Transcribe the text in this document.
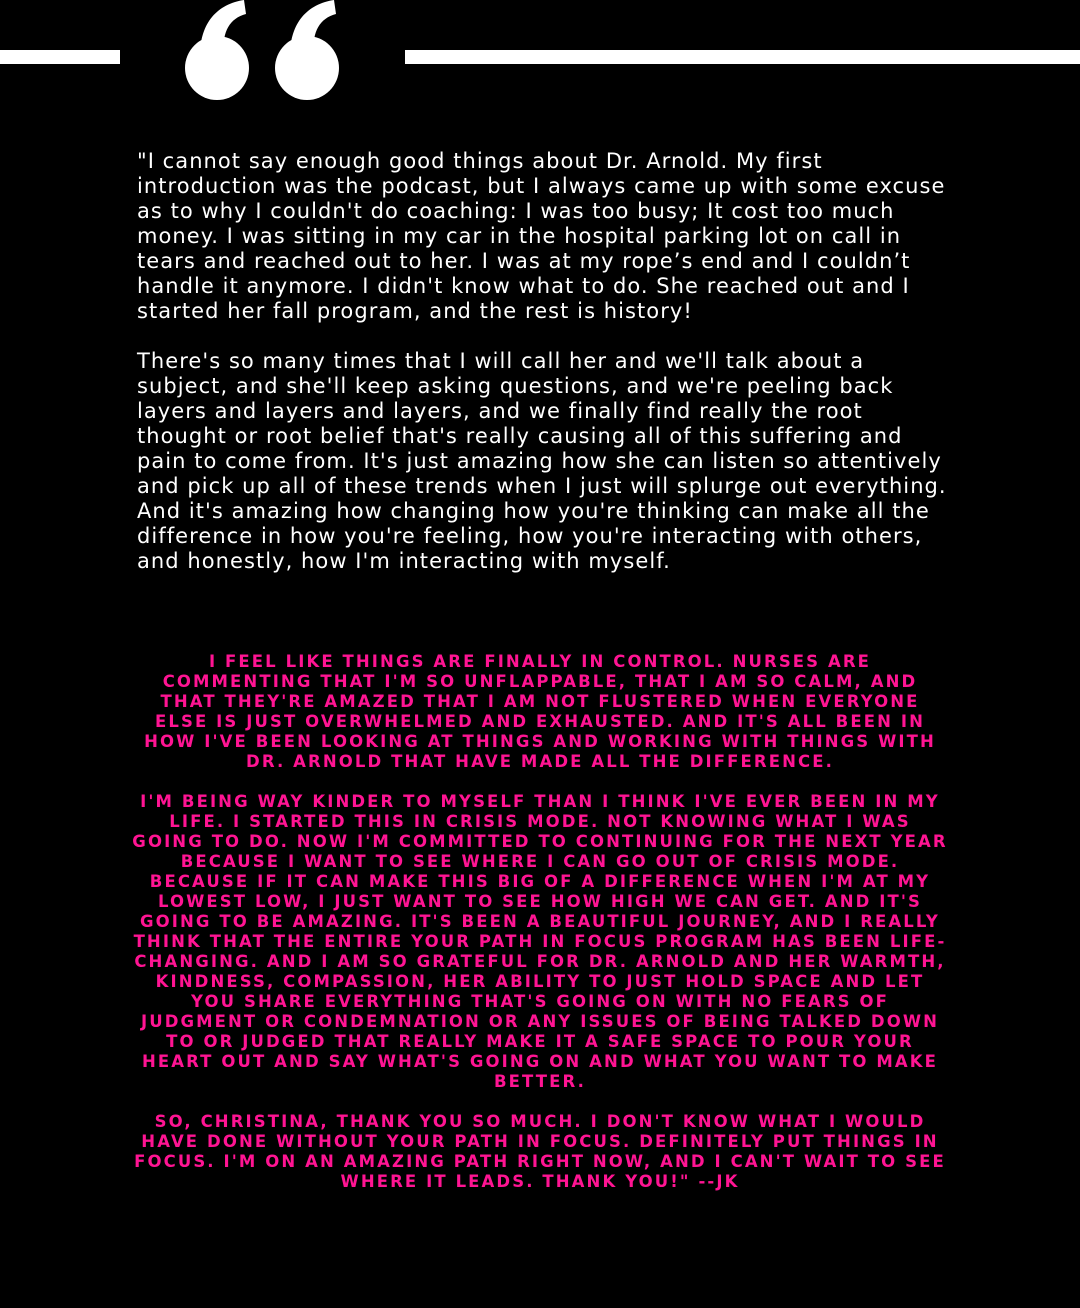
"I cannot say enough good things about Dr. Arnold. My first introduction was the podcast, but I always came up with some excuse as to why I couldn't do coaching: I was too busy; It cost too much money. I was sitting in my car in the hospital parking lot on call in tears and reached out to her. I was at my rope’s end and I couldn’t handle it anymore. I didn't know what to do. She reached out and I started her fall program, and the rest is history!

There's so many times that I will call her and we'll talk about a subject, and she'll keep asking questions, and we're peeling back layers and layers and layers, and we finally find really the root thought or root belief that's really causing all of this suffering and pain to come from. It's just amazing how she can listen so attentively and pick up all of these trends when I just will splurge out everything. And it's amazing how changing how you're thinking can make all the difference in how you're feeling, how you're interacting with others, and honestly, how I'm interacting with myself.

I FEEL LIKE THINGS ARE FINALLY IN CONTROL. NURSES ARE COMMENTING THAT I'M SO UNFLAPPABLE, THAT I AM SO CALM, AND THAT THEY'RE AMAZED THAT I AM NOT FLUSTERED WHEN EVERYONE ELSE IS JUST OVERWHELMED AND EXHAUSTED. AND IT'S ALL BEEN IN HOW I'VE BEEN LOOKING AT THINGS AND WORKING WITH THINGS WITH DR. ARNOLD THAT HAVE MADE ALL THE DIFFERENCE.

I'M BEING WAY KINDER TO MYSELF THAN I THINK I'VE EVER BEEN IN MY LIFE. I STARTED THIS IN CRISIS MODE. NOT KNOWING WHAT I WAS GOING TO DO. NOW I'M COMMITTED TO CONTINUING FOR THE NEXT YEAR BECAUSE I WANT TO SEE WHERE I CAN GO OUT OF CRISIS MODE. BECAUSE IF IT CAN MAKE THIS BIG OF A DIFFERENCE WHEN I'M AT MY LOWEST LOW, I JUST WANT TO SEE HOW HIGH WE CAN GET. AND IT'S GOING TO BE AMAZING. IT'S BEEN A BEAUTIFUL JOURNEY, AND I REALLY THINK THAT THE ENTIRE YOUR PATH IN FOCUS PROGRAM HAS BEEN LIFE-CHANGING. AND I AM SO GRATEFUL FOR DR. ARNOLD AND HER WARMTH, KINDNESS, COMPASSION, HER ABILITY TO JUST HOLD SPACE AND LET YOU SHARE EVERYTHING THAT'S GOING ON WITH NO FEARS OF JUDGMENT OR CONDEMNATION OR ANY ISSUES OF BEING TALKED DOWN TO OR JUDGED THAT REALLY MAKE IT A SAFE SPACE TO POUR YOUR HEART OUT AND SAY WHAT'S GOING ON AND WHAT YOU WANT TO MAKE BETTER.

SO, CHRISTINA, THANK YOU SO MUCH. I DON'T KNOW WHAT I WOULD HAVE DONE WITHOUT YOUR PATH IN FOCUS. DEFINITELY PUT THINGS IN FOCUS. I'M ON AN AMAZING PATH RIGHT NOW, AND I CAN'T WAIT TO SEE WHERE IT LEADS. THANK YOU!" --JK
